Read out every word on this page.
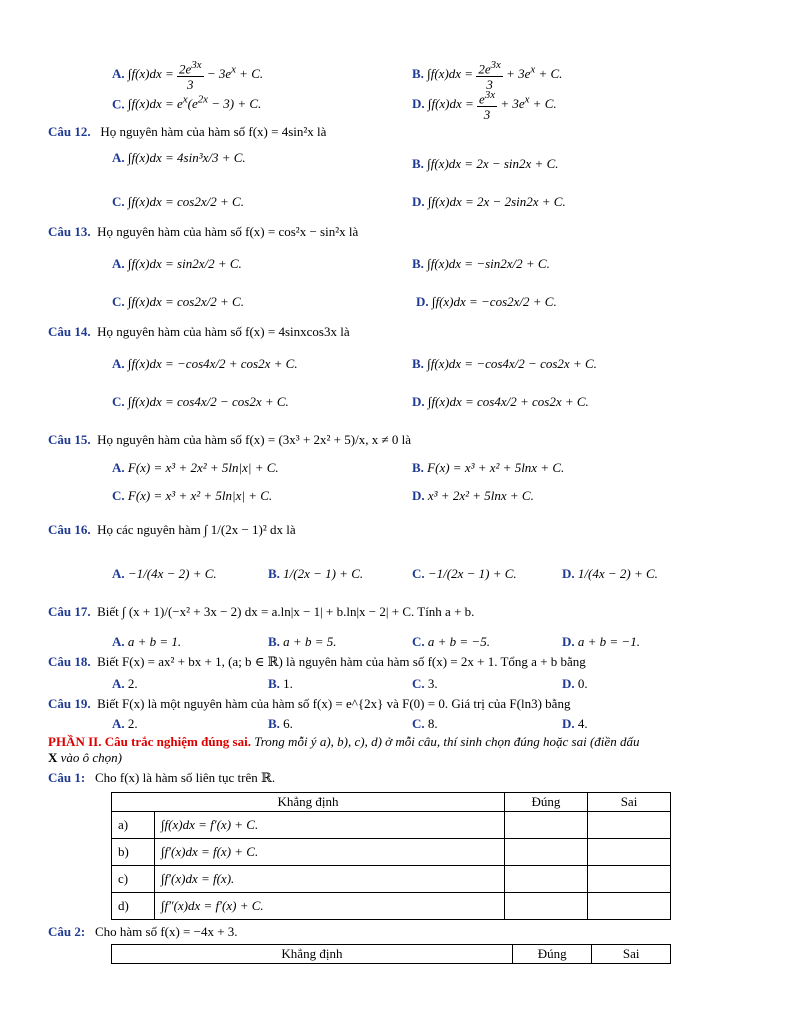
A. $\int f(x)dx = \frac{2e^{3x}}{3} - 3e^x + C$.	B. $\int f(x)dx = \frac{2e^{3x}}{3} + 3e^x + C$.
C. $\int f(x)dx = e^x(e^{2x} - 3) + C$.	D. $\int f(x)dx = \frac{e^{3x}}{3} + 3e^x + C$.
Câu 12. Họ nguyên hàm của hàm số f(x) = 4sin²x là
A. ∫f(x)dx = 4sin³x/3 + C.	B. ∫f(x)dx = 2x − sin2x + C.
C. ∫f(x)dx = cos2x/2 + C.	D. ∫f(x)dx = 2x − 2sin2x + C.
Câu 13. Họ nguyên hàm của hàm số f(x) = cos²x − sin²x là
A. ∫f(x)dx = sin2x/2 + C.	B. ∫f(x)dx = −sin2x/2 + C.
C. ∫f(x)dx = cos2x/2 + C.	D. ∫f(x)dx = −cos2x/2 + C.
Câu 14. Họ nguyên hàm của hàm số f(x) = 4sinxcos3x là
A. ∫f(x)dx = −cos4x/2 + cos2x + C.	B. ∫f(x)dx = −cos4x/2 − cos2x + C.
C. ∫f(x)dx = cos4x/2 − cos2x + C.	D. ∫f(x)dx = cos4x/2 + cos2x + C.
Câu 15. Họ nguyên hàm của hàm số f(x) = (3x³ + 2x² + 5)/x, x ≠ 0 là
A. F(x) = x³ + 2x² + 5ln|x| + C.	B. F(x) = x³ + x² + 5lnx + C.
C. F(x) = x³ + x² + 5ln|x| + C.	D. x³ + 2x² + 5lnx + C.
Câu 16. Họ các nguyên hàm ∫ 1/(2x − 1)² dx là
A. −1/(4x − 2) + C.	B. 1/(2x − 1) + C.	C. −1/(2x − 1) + C.	D. 1/(4x − 2) + C.
Câu 17. Biết ∫ (x + 1)/(−x² + 3x − 2) dx = a.ln|x − 1| + b.ln|x − 2| + C. Tính a + b.
A. a + b = 1.	B. a + b = 5.	C. a + b = −5.	D. a + b = −1.
Câu 18. Biết F(x) = ax² + bx + 1, (a; b ∈ ℝ) là nguyên hàm của hàm số f(x) = 2x + 1. Tổng a + b bằng
A. 2.	B. 1.	C. 3.	D. 0.
Câu 19. Biết F(x) là một nguyên hàm của hàm số f(x) = e^{2x} và F(0) = 0. Giá trị của F(ln3) bằng
A. 2.	B. 6.	C. 8.	D. 4.
PHẦN II. Câu trắc nghiệm đúng sai. Trong mỗi ý a), b), c), d) ở mỗi câu, thí sinh chọn đúng hoặc sai (điền dấu
X vào ô chọn)
Câu 1: Cho f(x) là hàm số liên tục trên ℝ.
Khẳng định		Đúng	Sai
a)	∫f(x)dx = f′(x) + C.		
b)	∫f′(x)dx = f(x) + C.		
c)	∫f′(x)dx = f(x).		
d)	∫f″(x)dx = f′(x) + C.		
Câu 2: Cho hàm số f(x) = −4x + 3.
Khẳng định	Đúng	Sai
